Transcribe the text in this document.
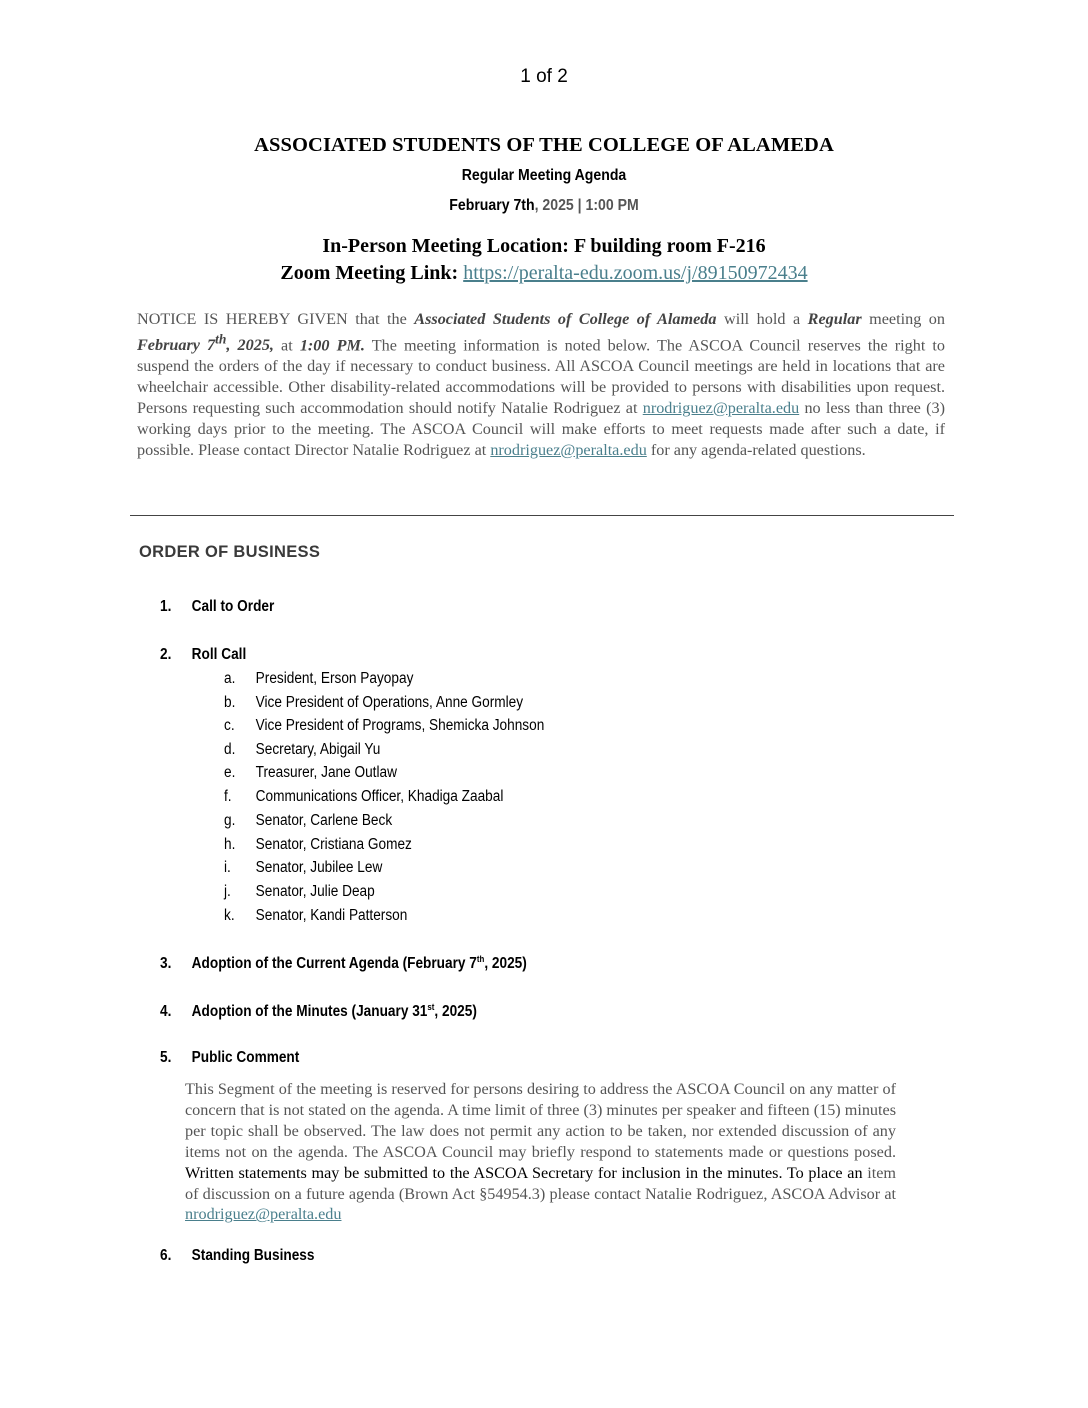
1 of 2
ASSOCIATED STUDENTS OF THE COLLEGE OF ALAMEDA
Regular Meeting Agenda
February 7th, 2025 | 1:00 PM
In-Person Meeting Location: F building room F-216
Zoom Meeting Link: https://peralta-edu.zoom.us/j/89150972434
NOTICE IS HEREBY GIVEN that the Associated Students of College of Alameda will hold a Regular meeting on February 7th, 2025, at 1:00 PM. The meeting information is noted below. The ASCOA Council reserves the right to suspend the orders of the day if necessary to conduct business. All ASCOA Council meetings are held in locations that are wheelchair accessible. Other disability-related accommodations will be provided to persons with disabilities upon request. Persons requesting such accommodation should notify Natalie Rodriguez at nrodriguez@peralta.edu no less than three (3) working days prior to the meeting. The ASCOA Council will make efforts to meet requests made after such a date, if possible. Please contact Director Natalie Rodriguez at nrodriguez@peralta.edu for any agenda-related questions.
ORDER OF BUSINESS
1. Call to Order
2. Roll Call
a. President, Erson Payopay
b. Vice President of Operations, Anne Gormley
c. Vice President of Programs, Shemicka Johnson
d. Secretary, Abigail Yu
e. Treasurer, Jane Outlaw
f. Communications Officer, Khadiga Zaabal
g. Senator, Carlene Beck
h. Senator, Cristiana Gomez
i. Senator, Jubilee Lew
j. Senator, Julie Deap
k. Senator, Kandi Patterson
3. Adoption of the Current Agenda (February 7th, 2025)
4. Adoption of the Minutes (January 31st, 2025)
5. Public Comment
This Segment of the meeting is reserved for persons desiring to address the ASCOA Council on any matter of concern that is not stated on the agenda. A time limit of three (3) minutes per speaker and fifteen (15) minutes per topic shall be observed. The law does not permit any action to be taken, nor extended discussion of any items not on the agenda. The ASCOA Council may briefly respond to statements made or questions posed. Written statements may be submitted to the ASCOA Secretary for inclusion in the minutes. To place an item of discussion on a future agenda (Brown Act §54954.3) please contact Natalie Rodriguez, ASCOA Advisor at nrodriguez@peralta.edu
6. Standing Business
